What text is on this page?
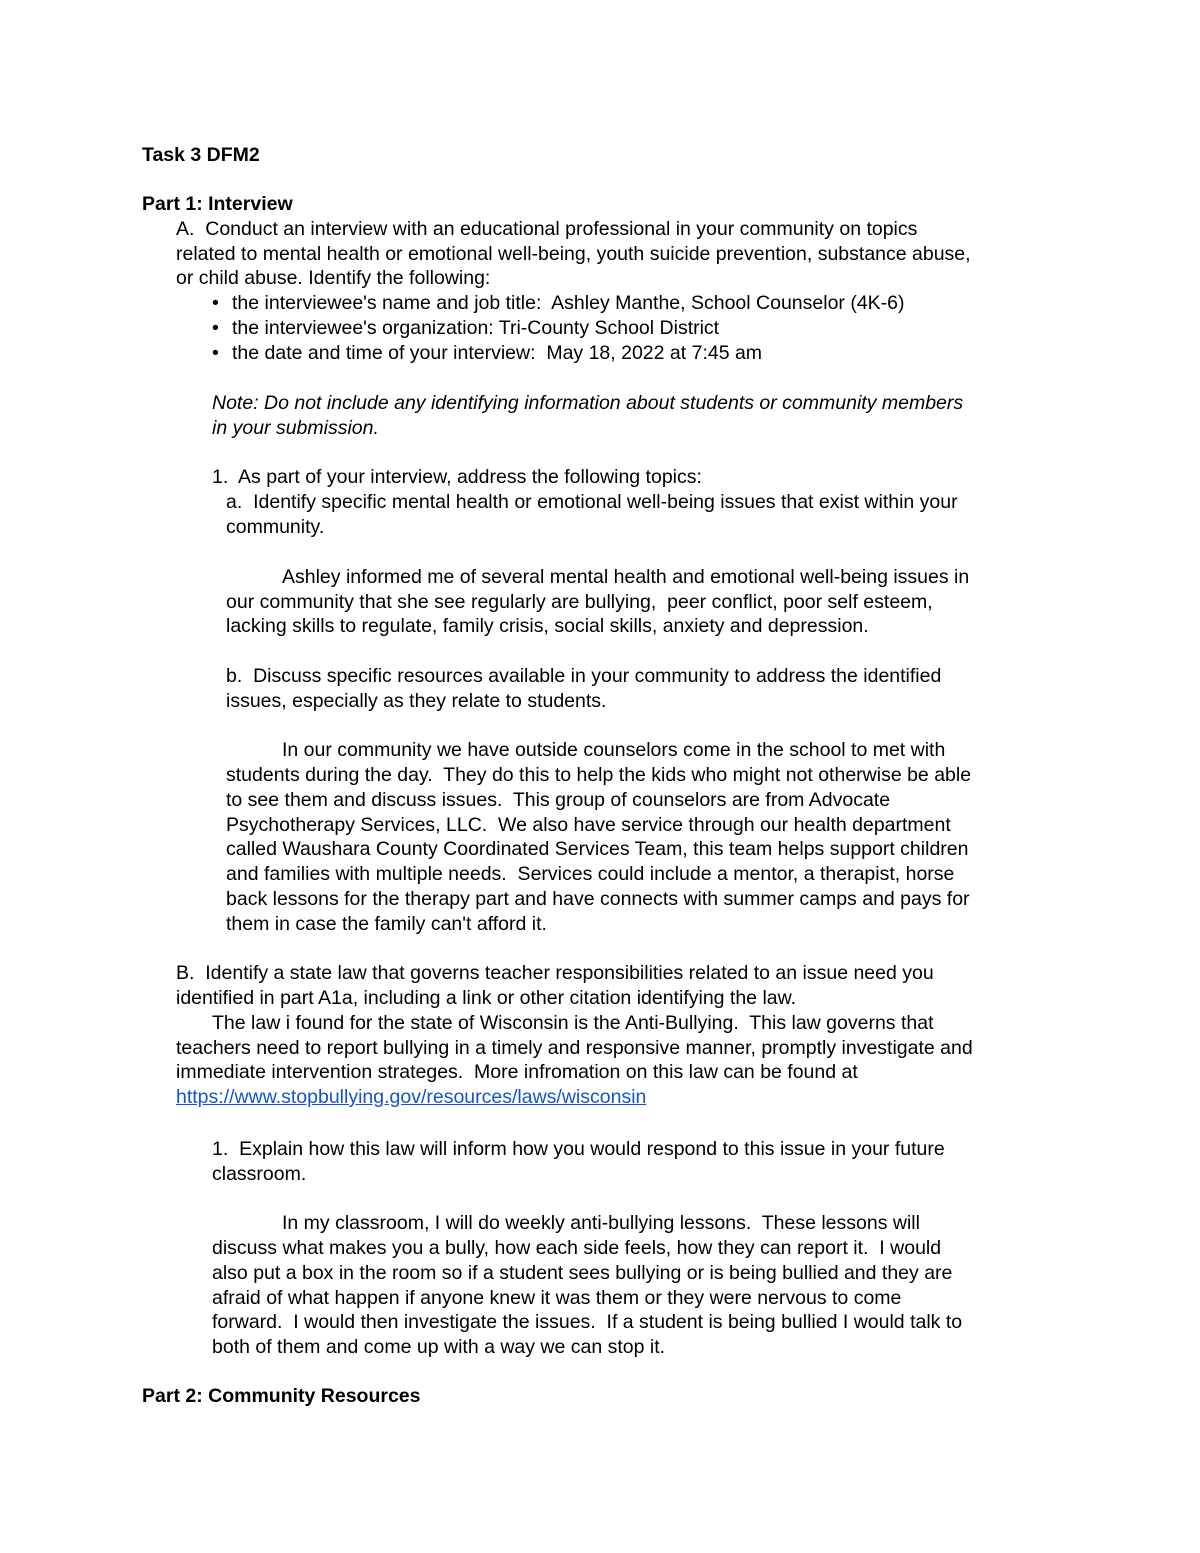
Task 3 DFM2

Part 1: Interview

A.  Conduct an interview with an educational professional in your community on topics

related to mental health or emotional well-being, youth suicide prevention, substance abuse,

or child abuse. Identify the following:

• the interviewee's name and job title:  Ashley Manthe, School Counselor (4K-6)

• the interviewee's organization: Tri-County School District

• the date and time of your interview:  May 18, 2022 at 7:45 am

Note: Do not include any identifying information about students or community members

in your submission.

1.  As part of your interview, address the following topics:

a.  Identify specific mental health or emotional well-being issues that exist within your

community.

Ashley informed me of several mental health and emotional well-being issues in

our community that she see regularly are bullying,  peer conflict, poor self esteem,

lacking skills to regulate, family crisis, social skills, anxiety and depression.

b.  Discuss specific resources available in your community to address the identified

issues, especially as they relate to students.

In our community we have outside counselors come in the school to met with

students during the day.  They do this to help the kids who might not otherwise be able

to see them and discuss issues.  This group of counselors are from Advocate

Psychotherapy Services, LLC.  We also have service through our health department

called Waushara County Coordinated Services Team, this team helps support children

and families with multiple needs.  Services could include a mentor, a therapist, horse

back lessons for the therapy part and have connects with summer camps and pays for

them in case the family can't afford it.

B.  Identify a state law that governs teacher responsibilities related to an issue need you

identified in part A1a, including a link or other citation identifying the law.

The law i found for the state of Wisconsin is the Anti-Bullying.  This law governs that

teachers need to report bullying in a timely and responsive manner, promptly investigate and

immediate intervention strateges.  More infromation on this law can be found at

https://www.stopbullying.gov/resources/laws/wisconsin

1.  Explain how this law will inform how you would respond to this issue in your future

classroom.

In my classroom, I will do weekly anti-bullying lessons.  These lessons will

discuss what makes you a bully, how each side feels, how they can report it.  I would

also put a box in the room so if a student sees bullying or is being bullied and they are

afraid of what happen if anyone knew it was them or they were nervous to come

forward.  I would then investigate the issues.  If a student is being bullied I would talk to

both of them and come up with a way we can stop it.

Part 2: Community Resources
